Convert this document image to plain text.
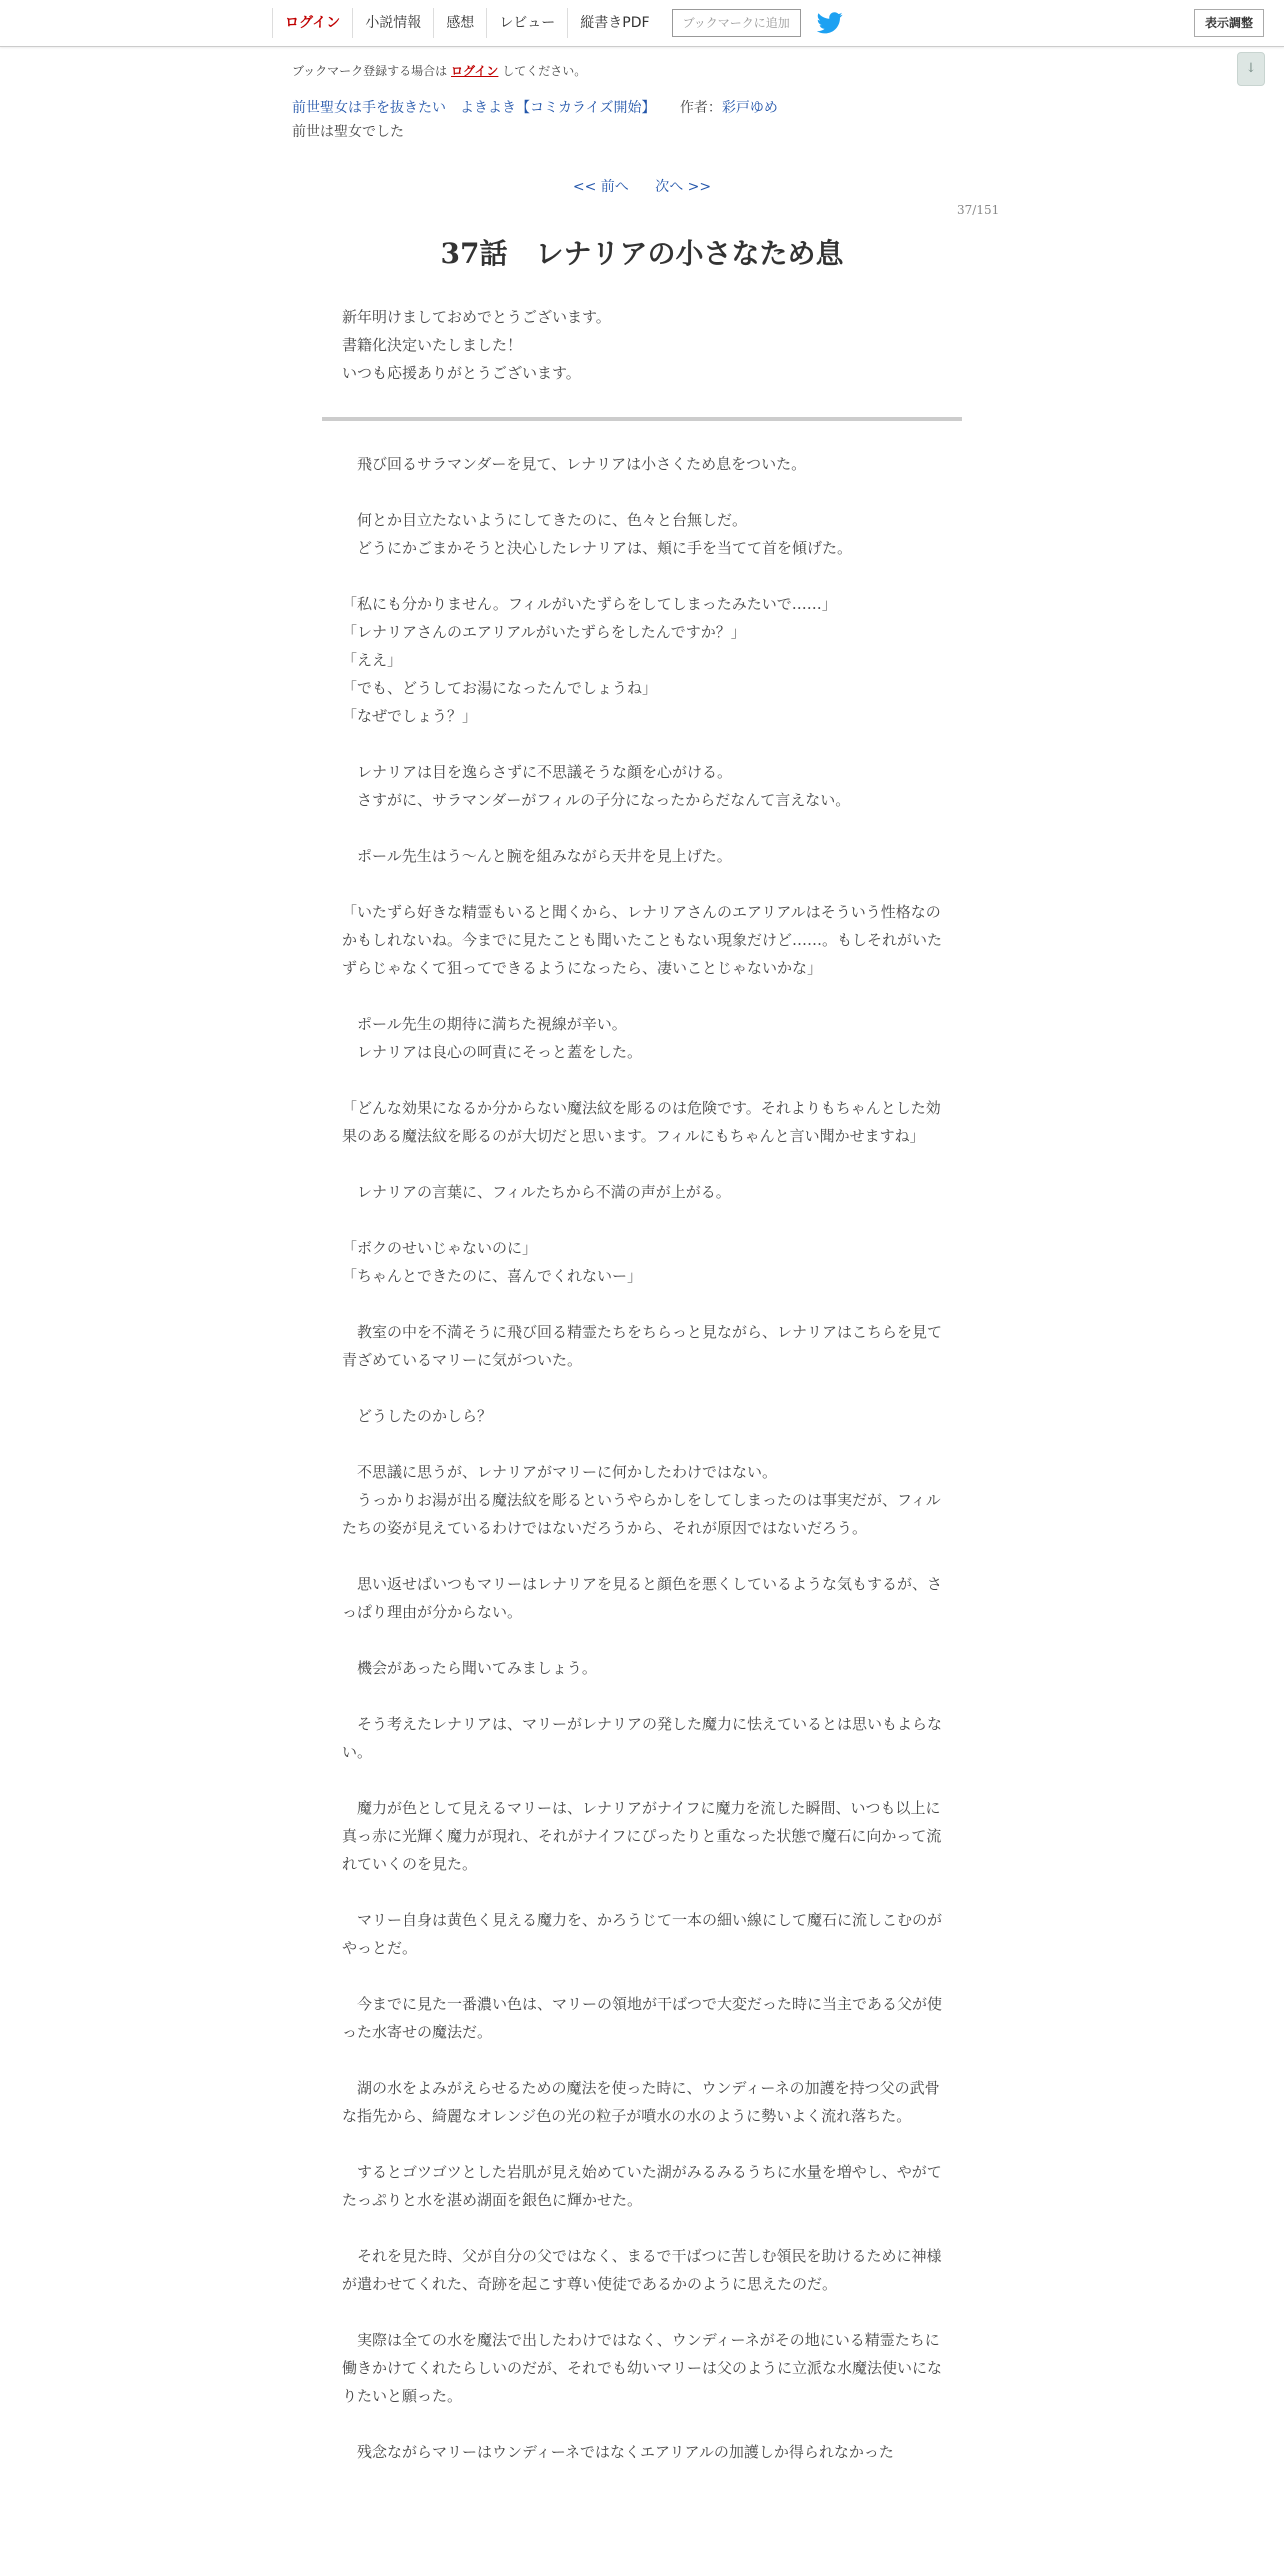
ログイン	小説情報	感想	レビュー	縦書きPDF	ブックマークに追加	表示調整
↓
ブックマーク登録する場合は ログイン してください。
前世聖女は手を抜きたい　よきよき【コミカライズ開始】 作者：彩戸ゆめ
前世は聖女でした
<< 前へ 次へ >>
37/151
37話　レナリアの小さなため息
新年明けましておめでとうございます。
書籍化決定いたしました！
いつも応援ありがとうございます。

　飛び回るサラマンダーを見て、レナリアは小さくため息をついた。

　何とか目立たないようにしてきたのに、色々と台無しだ。

　どうにかごまかそうと決心したレナリアは、頬に手を当てて首を傾げた。

「私にも分かりません。フィルがいたずらをしてしまったみたいで……」

「レナリアさんのエアリアルがいたずらをしたんですか？」

「ええ」

「でも、どうしてお湯になったんでしょうね」

「なぜでしょう？」

　レナリアは目を逸らさずに不思議そうな顔を心がける。

　さすがに、サラマンダーがフィルの子分になったからだなんて言えない。

　ポール先生はう～んと腕を組みながら天井を見上げた。

「いたずら好きな精霊もいると聞くから、レナリアさんのエアリアルはそういう性格なのかもしれないね。今までに見たことも聞いたこともない現象だけど……。もしそれがいたずらじゃなくて狙ってできるようになったら、凄いことじゃないかな」

　ポール先生の期待に満ちた視線が辛い。

　レナリアは良心の呵責にそっと蓋をした。

「どんな効果になるか分からない魔法紋を彫るのは危険です。それよりもちゃんとした効果のある魔法紋を彫るのが大切だと思います。フィルにもちゃんと言い聞かせますね」

　レナリアの言葉に、フィルたちから不満の声が上がる。

「ボクのせいじゃないのに」

「ちゃんとできたのに、喜んでくれないー」

　教室の中を不満そうに飛び回る精霊たちをちらっと見ながら、レナリアはこちらを見て青ざめているマリーに気がついた。

　どうしたのかしら？

　不思議に思うが、レナリアがマリーに何かしたわけではない。

　うっかりお湯が出る魔法紋を彫るというやらかしをしてしまったのは事実だが、フィルたちの姿が見えているわけではないだろうから、それが原因ではないだろう。

　思い返せばいつもマリーはレナリアを見ると顔色を悪くしているような気もするが、さっぱり理由が分からない。

　機会があったら聞いてみましょう。

　そう考えたレナリアは、マリーがレナリアの発した魔力に怯えているとは思いもよらない。

　魔力が色として見えるマリーは、レナリアがナイフに魔力を流した瞬間、いつも以上に真っ赤に光輝く魔力が現れ、それがナイフにぴったりと重なった状態で魔石に向かって流れていくのを見た。

　マリー自身は黄色く見える魔力を、かろうじて一本の細い線にして魔石に流しこむのがやっとだ。

　今までに見た一番濃い色は、マリーの領地が干ばつで大変だった時に当主である父が使った水寄せの魔法だ。

　湖の水をよみがえらせるための魔法を使った時に、ウンディーネの加護を持つ父の武骨な指先から、綺麗なオレンジ色の光の粒子が噴水の水のように勢いよく流れ落ちた。

　するとゴツゴツとした岩肌が見え始めていた湖がみるみるうちに水量を増やし、やがてたっぷりと水を湛め湖面を銀色に輝かせた。

　それを見た時、父が自分の父ではなく、まるで干ばつに苦しむ領民を助けるために神様が遣わせてくれた、奇跡を起こす尊い使徒であるかのように思えたのだ。

　実際は全ての水を魔法で出したわけではなく、ウンディーネがその地にいる精霊たちに働きかけてくれたらしいのだが、それでも幼いマリーは父のように立派な水魔法使いになりたいと願った。

　残念ながらマリーはウンディーネではなくエアリアルの加護しか得られなかった
